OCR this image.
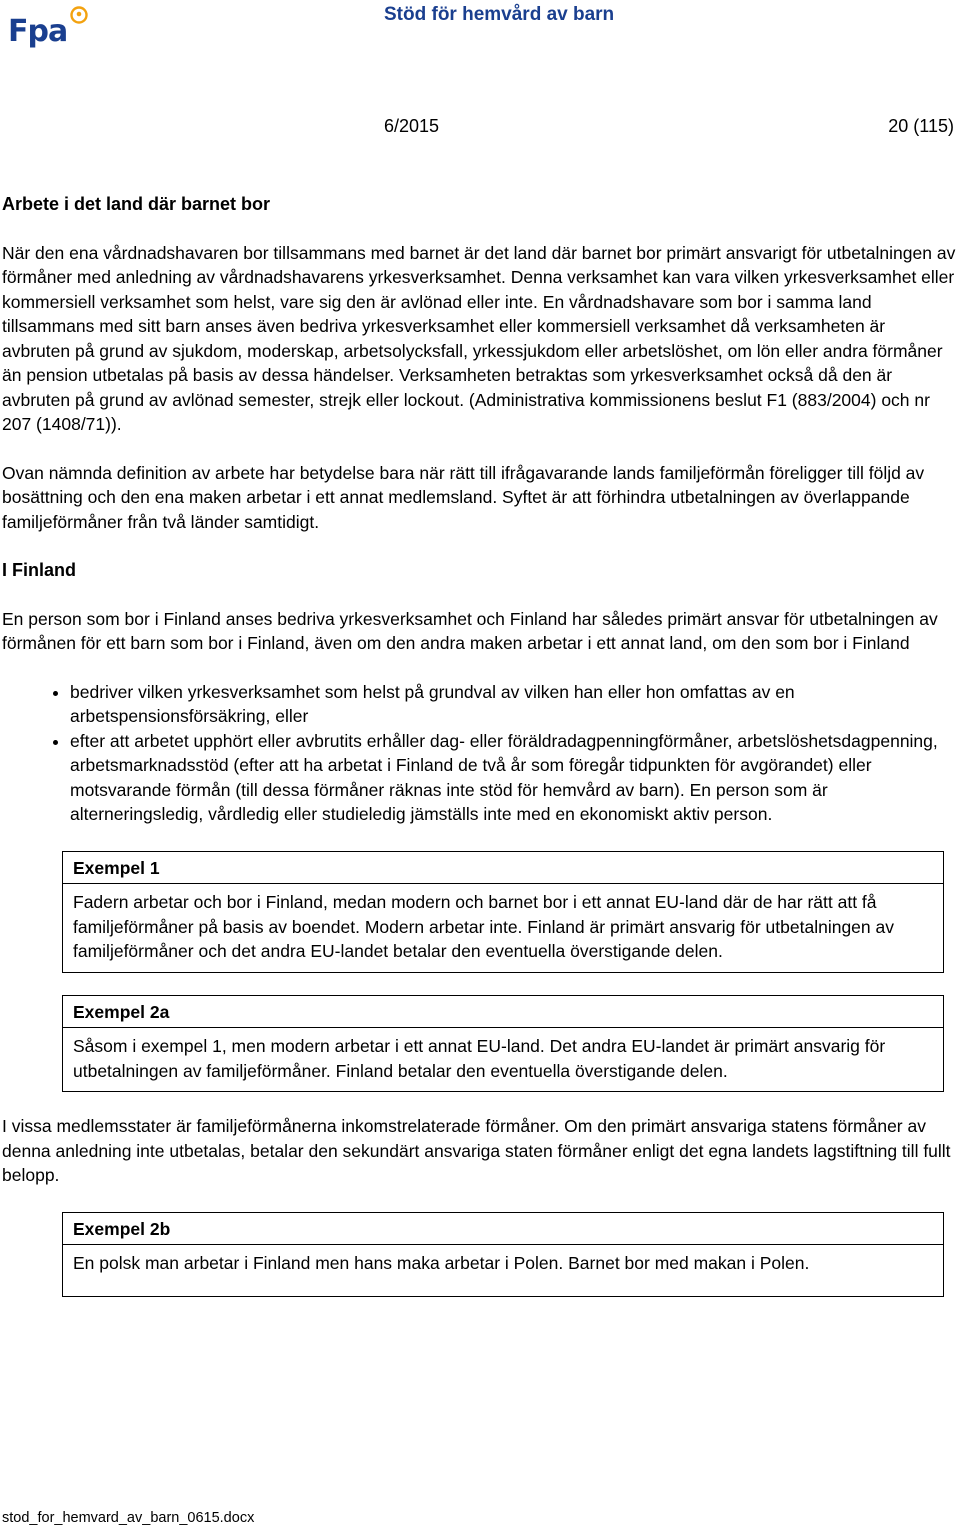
Fpa	Stöd för hemvård av barn
6/2015	20 (115)
Arbete i det land där barnet bor

När den ena vårdnadshavaren bor tillsammans med barnet är det land där barnet bor primärt ansvarigt för utbetalningen av förmåner med anledning av vårdnadshavarens yrkesverksamhet. Denna verksamhet kan vara vilken yrkesverksamhet eller kommersiell verksamhet som helst, vare sig den är avlönad eller inte. En vårdnadshavare som bor i samma land tillsammans med sitt barn anses även bedriva yrkesverksamhet eller kommersiell verksamhet då verksamheten är avbruten på grund av sjukdom, moderskap, arbetsolycksfall, yrkessjukdom eller arbetslöshet, om lön eller andra förmåner än pension utbetalas på basis av dessa händelser. Verksamheten betraktas som yrkesverksamhet också då den är avbruten på grund av avlönad semester, strejk eller lockout. (Administrativa kommissionens beslut F1 (883/2004) och nr 207 (1408/71)).

Ovan nämnda definition av arbete har betydelse bara när rätt till ifrågavarande lands familjeförmån föreligger till följd av bosättning och den ena maken arbetar i ett annat medlemsland. Syftet är att förhindra utbetalningen av överlappande familjeförmåner från två länder samtidigt.

I Finland

En person som bor i Finland anses bedriva yrkesverksamhet och Finland har således primärt ansvar för utbetalningen av förmånen för ett barn som bor i Finland, även om den andra maken arbetar i ett annat land, om den som bor i Finland

• bedriver vilken yrkesverksamhet som helst på grundval av vilken han eller hon omfattas av en arbetspensionsförsäkring, eller
• efter att arbetet upphört eller avbrutits erhåller dag- eller föräldradagpenningförmåner, arbetslöshetsdagpenning, arbetsmarknadsstöd (efter att ha arbetat i Finland de två år som föregår tidpunkten för avgörandet) eller motsvarande förmån (till dessa förmåner räknas inte stöd för hemvård av barn). En person som är alterneringsledig, vårdledig eller studieledig jämställs inte med en ekonomiskt aktiv person.
Exempel 1
Fadern arbetar och bor i Finland, medan modern och barnet bor i ett annat EU-land där de har rätt att få familjeförmåner på basis av boendet. Modern arbetar inte. Finland är primärt ansvarig för utbetalningen av familjeförmåner och det andra EU-landet betalar den eventuella överstigande delen.
Exempel 2a
Såsom i exempel 1, men modern arbetar i ett annat EU-land. Det andra EU-landet är primärt ansvarig för utbetalningen av familjeförmåner. Finland betalar den eventuella överstigande delen.

I vissa medlemsstater är familjeförmånerna inkomstrelaterade förmåner. Om den primärt ansvariga statens förmåner av denna anledning inte utbetalas, betalar den sekundärt ansvariga staten förmåner enligt det egna landets lagstiftning till fullt belopp.

Exempel 2b
En polsk man arbetar i Finland men hans maka arbetar i Polen. Barnet bor med makan i Polen.
stod_for_hemvard_av_barn_0615.docx
